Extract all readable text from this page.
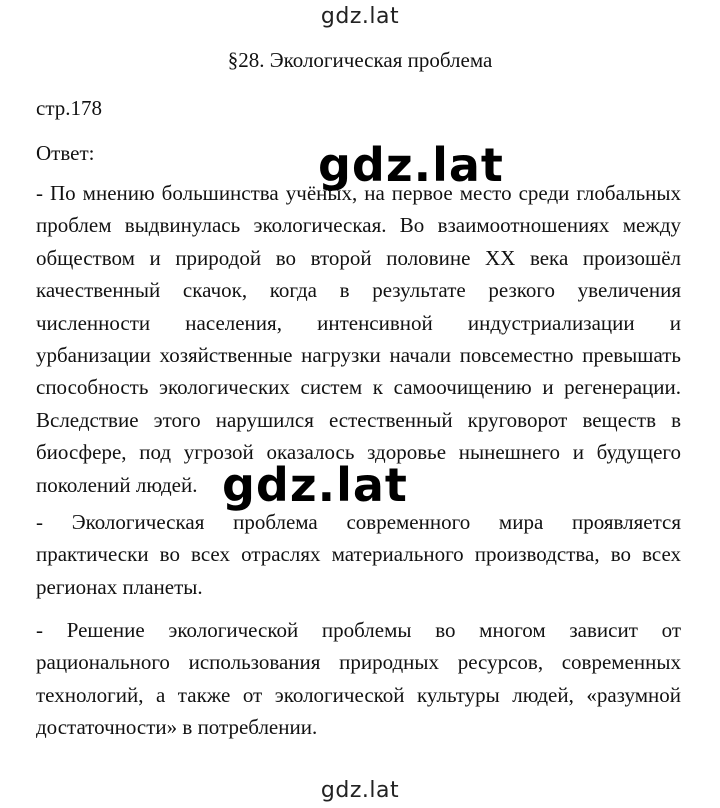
gdz.lat
§28. Экологическая проблема
стр.178
Ответ:

- По мнению большинства учёных, на первое место среди глобальных проблем выдвинулась экологическая. Во взаимоотношениях между обществом и природой во второй половине XX века произошёл качественный скачок, когда в результате резкого увеличения численности населения, интенсивной индустриализации и урбанизации хозяйственные нагрузки начали повсеместно превышать способность экологических систем к самоочищению и регенерации. Вследствие этого нарушился естественный круговорот веществ в биосфере, под угрозой оказалось здоровье нынешнего и будущего поколений людей.

- Экологическая проблема современного мира проявляется практически во всех отраслях материального производства, во всех регионах планеты.

- Решение экологической проблемы во многом зависит от рационального использования природных ресурсов, современных технологий, а также от экологической культуры людей, «разумной достаточности» в потреблении.

gdz.lat
gdz.lat
gdz.lat
